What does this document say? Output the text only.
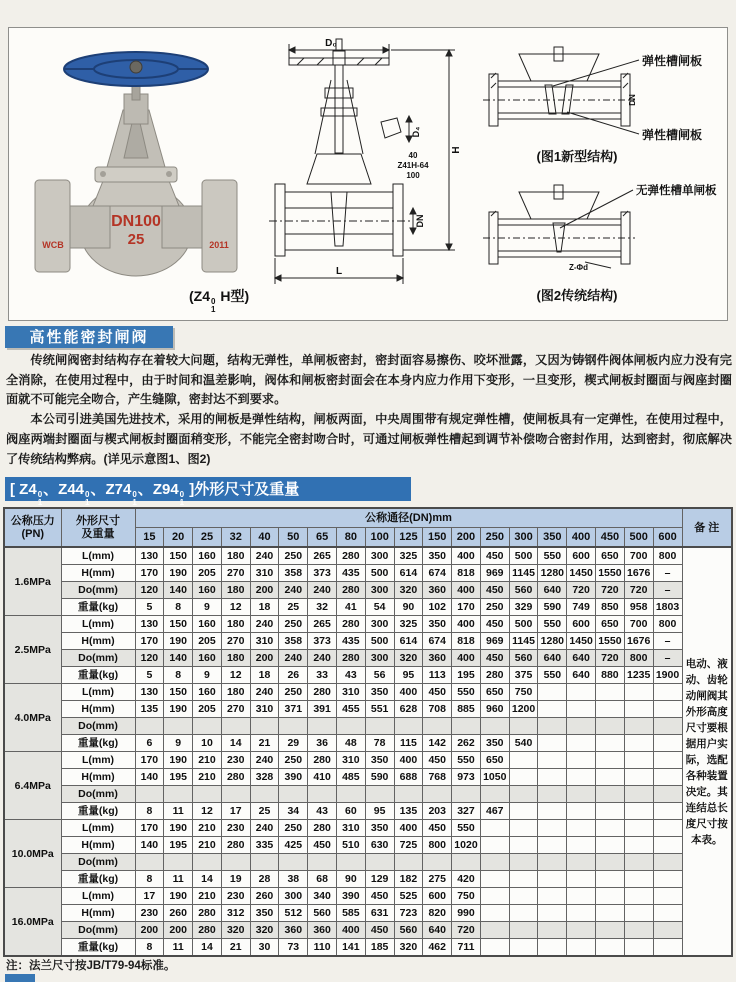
DN100
25
WCB	2011
(Z4 0
1
H型)
D₀
D₄
40
Z41H-64
100
DN
H
L
弹性槽闸板
弹性槽闸板
DN
(图1新型结构)
无弹性槽单闸板
Z-Φd
(图2传统结构)
高性能密封闸阀

传统闸阀密封结构存在着较大问题，结构无弹性，单闸板密封，密封面容易擦伤、咬坏泄露，又因为铸钢件阀体闸板内应力没有完全消除，在使用过程中，由于时间和温差影响，阀体和闸板密封面会在本身内应力作用下变形，一旦变形，楔式闸板封圈面与阀座封圈面就不可能完全吻合，产生缝隙，密封达不到要求。

本公司引进美国先进技术，采用的闸板是弹性结构，闸板两面，中央周围带有规定弹性槽，使闸板具有一定弹性，在使用过程中，阀座两端封圈面与楔式闸板封圈面稍变形，不能完全密封吻合时，可通过闸板弹性槽起到调节补偿吻合密封作用，达到密封，彻底解决了传统结构弊病。(详见示意图1、图2)

[ Z4 0
1
、Z44 0
1
、Z74 0
1
、Z94 0
1
]外形尺寸及重量
公称压力
(PN)

外形尺寸
及重量
	公称通径(DN)mm	备 注
		15	20	25	32	40	50	65	80	100	125	150	200	250	300	350	400	450	500	600	
1.6MPa	L(mm)	130	150	160	180	240	250	265	280	300	325	350	400	450	500	550	600	650	700	800	电动、液动、齿轮动闸阀其外形高度尺寸要根据用户实际，选配各种装置决定。其连结总长度尺寸按本表。
	H(mm)	170	190	205	270	310	358	373	435	500	614	674	818	969	1145	1280	1450	1550	1676	–	
	Do(mm)	120	140	160	180	200	240	240	280	300	320	360	400	450	560	640	720	720	720	–	
	重量(kg)	5	8	9	12	18	25	32	41	54	90	102	170	250	329	590	749	850	958	1803	
2.5MPa	L(mm)	130	150	160	180	240	250	265	280	300	325	350	400	450	500	550	600	650	700	800	
	H(mm)	170	190	205	270	310	358	373	435	500	614	674	818	969	1145	1280	1450	1550	1676	–	
	Do(mm)	120	140	160	180	200	240	240	280	300	320	360	400	450	560	640	640	720	800	–	
	重量(kg)	5	8	9	12	18	26	33	43	56	95	113	195	280	375	550	640	880	1235	1900	
4.0MPa	L(mm)	130	150	160	180	240	250	280	310	350	400	450	550	650	750						
	H(mm)	135	190	205	270	310	371	391	455	551	628	708	885	960	1200						
	Do(mm)																				
	重量(kg)	6	9	10	14	21	29	36	48	78	115	142	262	350	540						
6.4MPa	L(mm)	170	190	210	230	240	250	280	310	350	400	450	550	650							
	H(mm)	140	195	210	280	328	390	410	485	590	688	768	973	1050							
	Do(mm)																				
	重量(kg)	8	11	12	17	25	34	43	60	95	135	203	327	467							
10.0MPa	L(mm)	170	190	210	230	240	250	280	310	350	400	450	550								
	H(mm)	140	195	210	280	335	425	450	510	630	725	800	1020								
	Do(mm)																				
	重量(kg)	8	11	14	19	28	38	68	90	129	182	275	420								
16.0MPa	L(mm)	17	190	210	230	260	300	340	390	450	525	600	750								
	H(mm)	230	260	280	312	350	512	560	585	631	723	820	990								
	Do(mm)	200	200	280	320	320	360	360	400	450	560	640	720								
	重量(kg)	8	11	14	21	30	73	110	141	185	320	462	711								
注：法兰尺寸按JB/T79-94标准。
